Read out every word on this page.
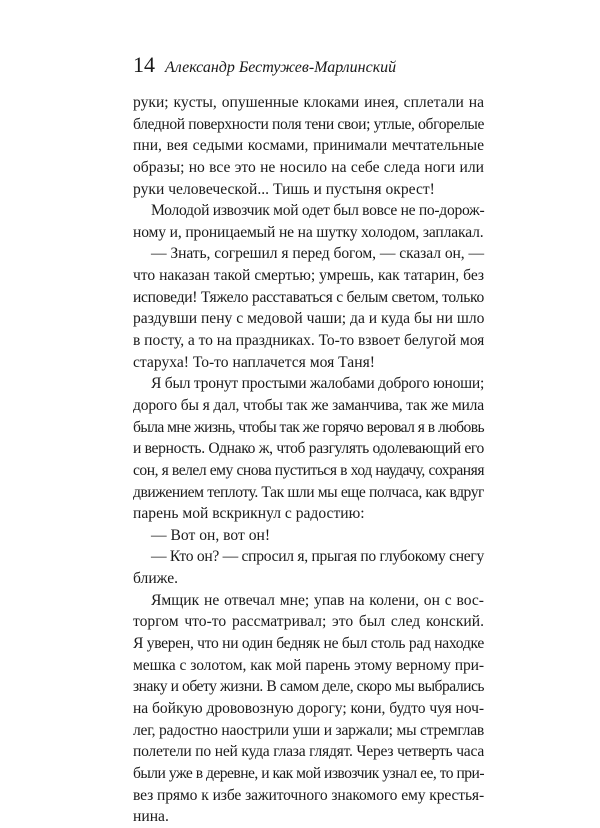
14 Александр Бестужев-Марлинский
руки; кусты, опушенные клоками инея, сплетали на
бледной поверхности поля тени свои; утлые, обгорелые
пни, вея седыми космами, принимали мечтательные
образы; но все это не носило на себе следа ноги или
руки человеческой... Тишь и пустыня окрест!
Молодой извозчик мой одет был вовсе не по-дорож-
ному и, проницаемый не на шутку холодом, заплакал.
— Знать, согрешил я перед богом, — сказал он, —
что наказан такой смертью; умрешь, как татарин, без
исповеди! Тяжело расставаться с белым светом, только
раздувши пену с медовой чаши; да и куда бы ни шло
в посту, а то на праздниках. То-то взвоет белугой моя
старуха! То-то наплачется моя Таня!
Я был тронут простыми жалобами доброго юноши;
дорого бы я дал, чтобы так же заманчива, так же мила
была мне жизнь, чтобы так же горячо веровал я в любовь
и верность. Однако ж, чтоб разгулять одолевающий его
сон, я велел ему снова пуститься в ход наудачу, сохраняя
движением теплоту. Так шли мы еще полчаса, как вдруг
парень мой вскрикнул с радостию:
— Вот он, вот он!
— Кто он? — спросил я, прыгая по глубокому снегу
ближе.
Ямщик не отвечал мне; упав на колени, он с вос-
торгом что-то рассматривал; это был след конский.
Я уверен, что ни один бедняк не был столь рад находке
мешка с золотом, как мой парень этому верному при-
знаку и обету жизни. В самом деле, скоро мы выбрались
на бойкую дрововозную дорогу; кони, будто чуя ноч-
лег, радостно наострили уши и заржали; мы стремглав
полетели по ней куда глаза глядят. Через четверть часа
были уже в деревне, и как мой извозчик узнал ее, то при-
вез прямо к избе зажиточного знакомого ему крестья-
нина.
